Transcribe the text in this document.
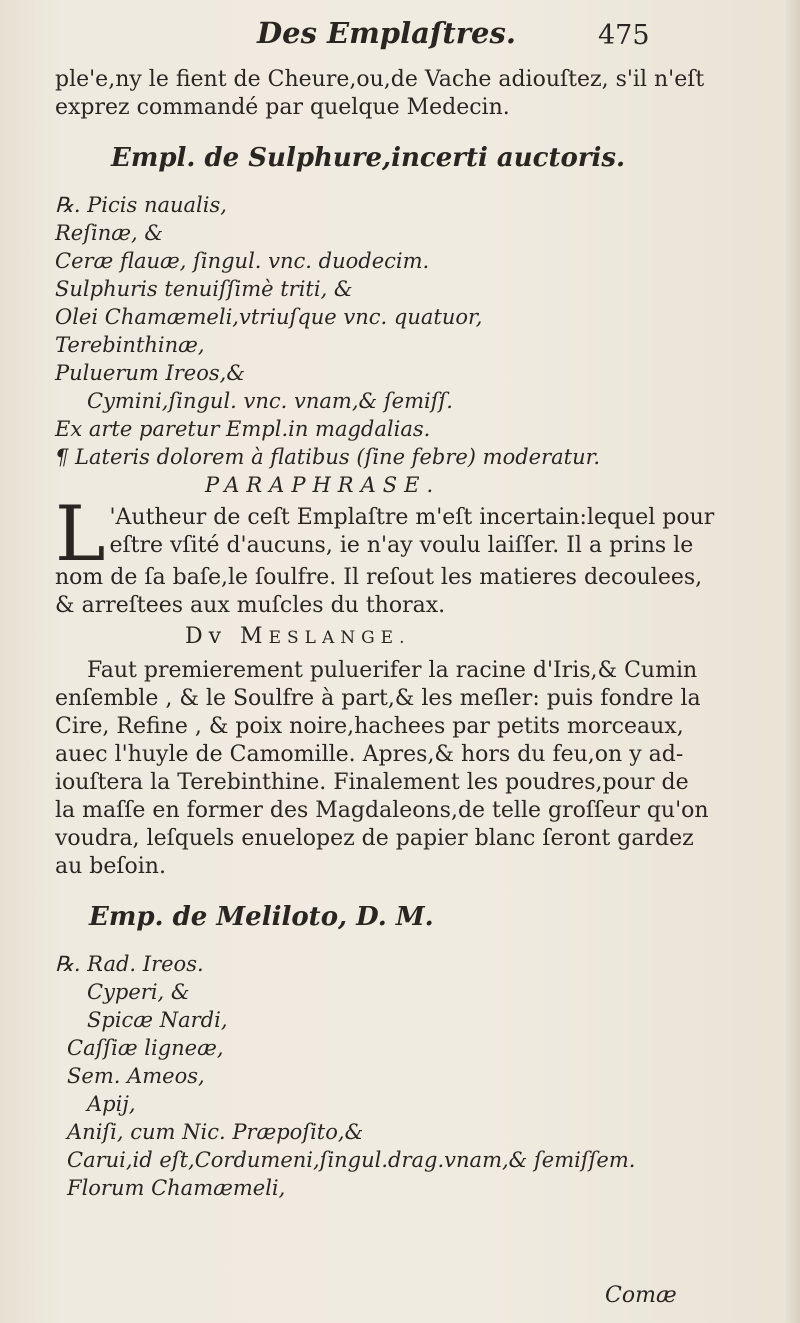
Des Emplaſtres.	475
ple'e,ny le fient de Cheure,ou,de Vache adiouſtez, s'il n'eſt
exprez commandé par quelque Medecin.
Empl. de Sulphure,incerti auctoris.
℞. Picis naualis,
Reſinæ, &
Ceræ flauæ, ſingul. vnc. duodecim.
Sulphuris tenuiſſimè triti, &
Olei Chamæmeli,vtriuſque vnc. quatuor,
Terebinthinæ,
Puluerum Ireos,&
Cymini,ſingul. vnc. vnam,& ſemiſſ.
Ex arte paretur Empl.in magdalias.
¶ Lateris dolorem à flatibus (ſine febre) moderatur.
PARAPHRASE.
L 'Autheur de ceſt Emplaſtre m'eſt incertain:lequel pour
eſtre vſité d'aucuns, ie n'ay voulu laiſſer. Il a prins le
nom de ſa baſe,le ſoulfre. Il reſout les matieres decoulees,
& arreſtees aux muſcles du thorax.
Dv MESLANGE.
Faut premierement puluerifer la racine d'Iris,& Cumin
enſemble , & le Soulfre à part,& les meſler: puis fondre la
Cire, Refine , & poix noire,hachees par petits morceaux,
auec l'huyle de Camomille. Apres,& hors du feu,on y ad-
iouſtera la Terebinthine. Finalement les poudres,pour de
la maſſe en former des Magdaleons,de telle groſſeur qu'on
voudra, leſquels enuelopez de papier blanc ſeront gardez
au beſoin.
Emp. de Meliloto, D. M.
℞. Rad. Ireos.
Cyperi, &
Spicæ Nardi,
Caſſiæ ligneæ,
Sem. Ameos,
Apij,
Aniſi, cum Nic. Præpoſito,&
Carui,id eſt,Cordumeni,ſingul.drag.vnam,& ſemiſſem.
Florum Chamæmeli,
Comæ
